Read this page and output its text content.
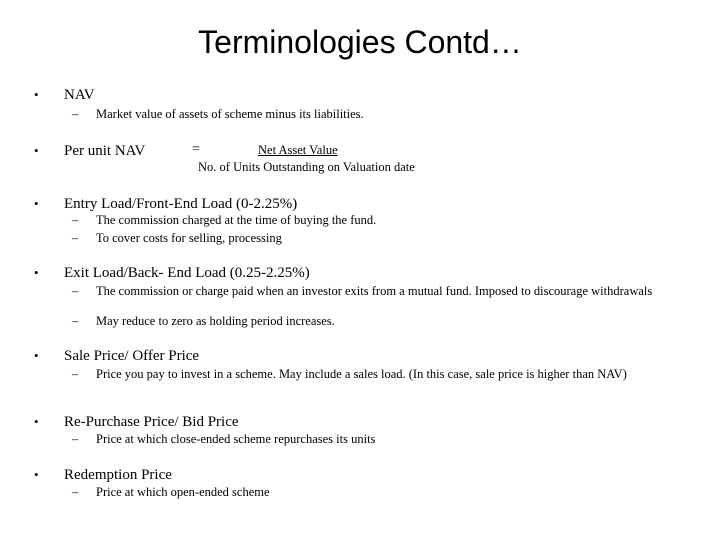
Terminologies Contd…
• NAV
– Market value of assets of scheme minus its liabilities.
• Per unit NAV	=	Net Asset Value
No. of Units Outstanding on Valuation date
• Entry Load/Front-End Load (0-2.25%)
– The commission charged at the time of buying the fund.
– To cover costs for selling, processing
• Exit Load/Back- End Load (0.25-2.25%)
– The commission or charge paid when an investor exits from a mutual fund. Imposed to discourage withdrawals
– May reduce to zero as holding period increases.
• Sale Price/ Offer Price
– Price you pay to invest in a scheme. May include a sales load. (In this case, sale price is higher than NAV)
• Re-Purchase Price/ Bid Price
– Price at which close-ended scheme repurchases its units
• Redemption Price
– Price at which open-ended scheme
